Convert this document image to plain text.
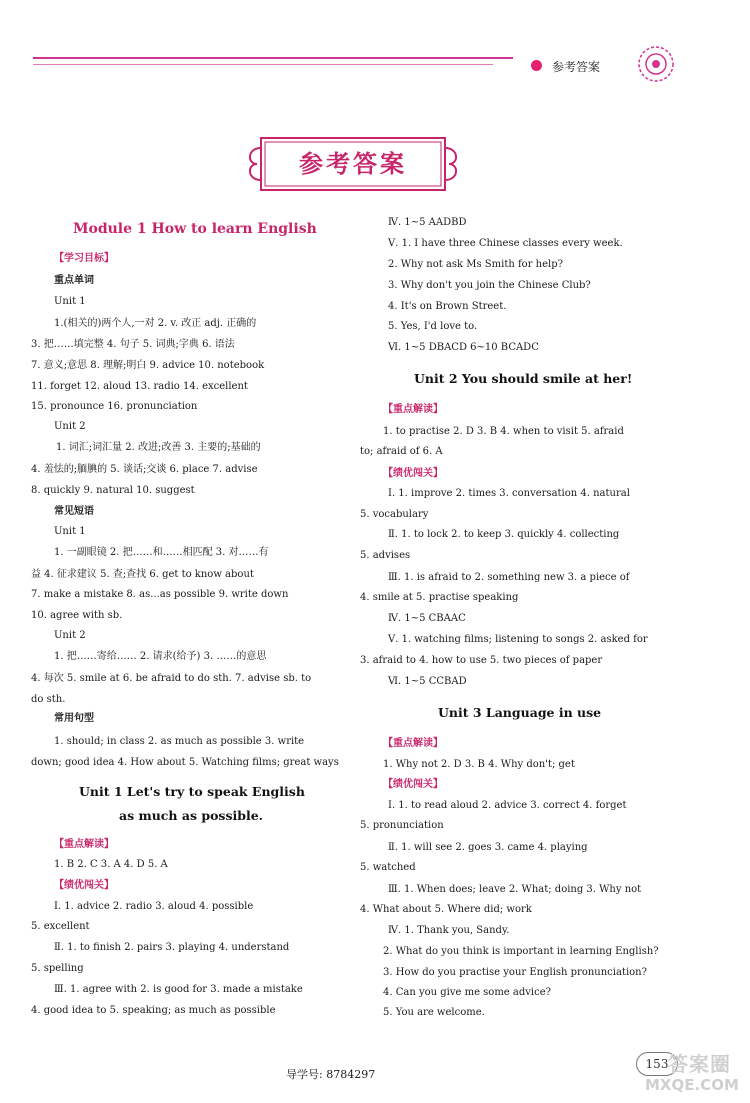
参考答案
参考答案
Module 1 How to learn English
【学习目标】
重点单词
Unit 1
1.(相关的)两个人,一对 2. v. 改正 adj. 正确的
3. 把……填完整 4. 句子 5. 词典;字典 6. 语法
7. 意义;意思 8. 理解;明白 9. advice 10. notebook
11. forget 12. aloud 13. radio 14. excellent
15. pronounce 16. pronunciation
Unit 2
1. 词汇;词汇量 2. 改进;改善 3. 主要的;基础的
4. 羞怯的;腼腆的 5. 谈话;交谈 6. place 7. advise
8. quickly 9. natural 10. suggest
常见短语
Unit 1
1. 一副眼镜 2. 把……和……相匹配 3. 对……有
益 4. 征求建议 5. 查;查找 6. get to know about
7. make a mistake 8. as...as possible 9. write down
10. agree with sb.
Unit 2
1. 把……寄给…… 2. 请求(给予) 3. ……的意思
4. 每次 5. smile at 6. be afraid to do sth. 7. advise sb. to
do sth.
常用句型
1. should; in class 2. as much as possible 3. write
down; good idea 4. How about 5. Watching films; great ways
Unit 1 Let's try to speak English
as much as possible.
【重点解读】
1. B 2. C 3. A 4. D 5. A
【绩优闯关】
Ⅰ. 1. advice 2. radio 3. aloud 4. possible
5. excellent
Ⅱ. 1. to finish 2. pairs 3. playing 4. understand
5. spelling
Ⅲ. 1. agree with 2. is good for 3. made a mistake
4. good idea to 5. speaking; as much as possible
Ⅳ. 1~5 AADBD
Ⅴ. 1. I have three Chinese classes every week.
2. Why not ask Ms Smith for help?
3. Why don't you join the Chinese Club?
4. It's on Brown Street.
5. Yes, I'd love to.
Ⅵ. 1~5 DBACD 6~10 BCADC
Unit 2 You should smile at her!
【重点解读】
1. to practise 2. D 3. B 4. when to visit 5. afraid
to; afraid of 6. A
【绩优闯关】
Ⅰ. 1. improve 2. times 3. conversation 4. natural
5. vocabulary
Ⅱ. 1. to lock 2. to keep 3. quickly 4. collecting
5. advises
Ⅲ. 1. is afraid to 2. something new 3. a piece of
4. smile at 5. practise speaking
Ⅳ. 1~5 CBAAC
Ⅴ. 1. watching films; listening to songs 2. asked for
3. afraid to 4. how to use 5. two pieces of paper
Ⅵ. 1~5 CCBAD
Unit 3 Language in use
【重点解读】
1. Why not 2. D 3. B 4. Why don't; get
【绩优闯关】
Ⅰ. 1. to read aloud 2. advice 3. correct 4. forget
5. pronunciation
Ⅱ. 1. will see 2. goes 3. came 4. playing
5. watched
Ⅲ. 1. When does; leave 2. What; doing 3. Why not
4. What about 5. Where did; work
Ⅳ. 1. Thank you, Sandy.
2. What do you think is important in learning English?
3. How do you practise your English pronunciation?
4. Can you give me some advice?
5. You are welcome.
导学号: 8784297
153 答案圈
MXQE.COM
